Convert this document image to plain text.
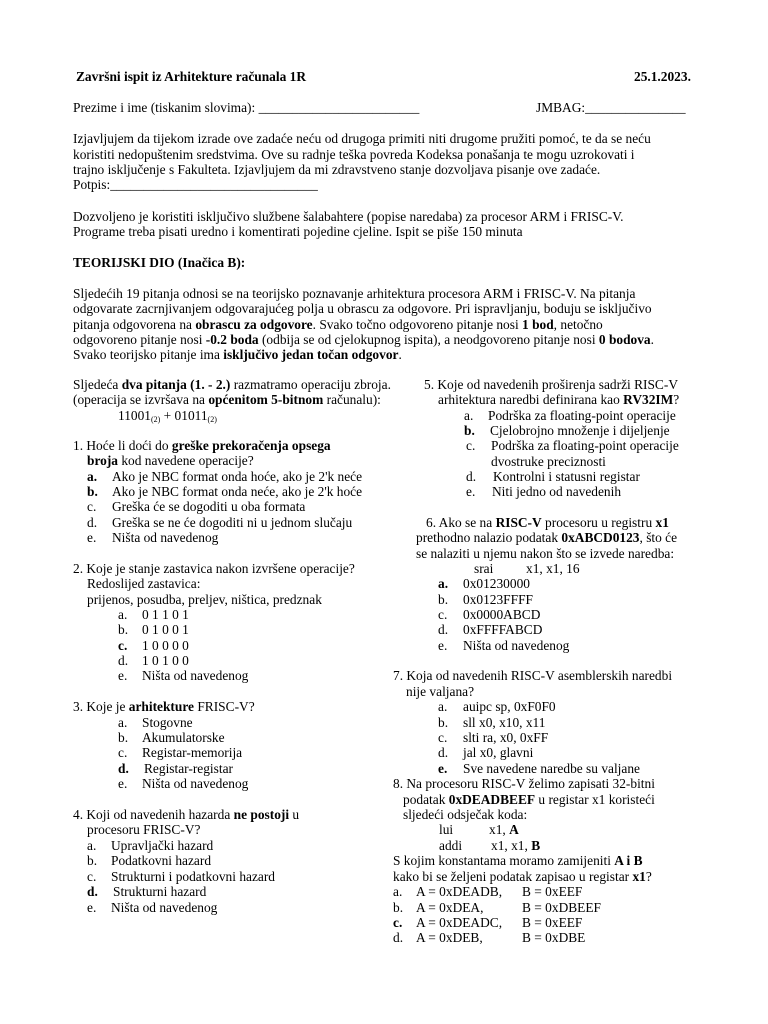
Završni ispit iz Arhitekture računala 1R	25.1.2023.
Prezime i ime (tiskanim slovima): ________________________	JMBAG:_______________
Izjavljujem da tijekom izrade ove zadaće neću od drugoga primiti niti drugome pružiti pomoć, te da se neću
koristiti nedopuštenim sredstvima. Ove su radnje teška povreda Kodeksa ponašanja te mogu uzrokovati i
trajno isključenje s Fakulteta. Izjavljujem da mi zdravstveno stanje dozvoljava pisanje ove zadaće.
Potpis:_______________________________
Dozvoljeno je koristiti isključivo službene šalabahtere (popise naredaba) za procesor ARM i FRISC-V.
Programe treba pisati uredno i komentirati pojedine cjeline. Ispit se piše 150 minuta
TEORIJSKI DIO (Inačica B):
Sljedećih 19 pitanja odnosi se na teorijsko poznavanje arhitektura procesora ARM i FRISC-V. Na pitanja
odgovarate zacrnjivanjem odgovarajućeg polja u obrascu za odgovore. Pri ispravljanju, boduju se isključivo
pitanja odgovorena na obrascu za odgovore. Svako točno odgovoreno pitanje nosi 1 bod, netočno
odgovoreno pitanje nosi -0.2 boda (odbija se od cjelokupnog ispita), a neodgovoreno pitanje nosi 0 bodova.
Svako teorijsko pitanje ima isključivo jedan točan odgovor.
Sljedeća dva pitanja (1. - 2.) razmatramo operaciju zbroja.
(operacija se izvršava na općenitom 5-bitnom računalu):
$11001_{(2)} + 01011_{(2)}$
1. Hoće li doći do greške prekoračenja opsega
broja kod navedene operacije?
a. Ako je NBC format onda hoće, ako je 2'k neće
b. Ako je NBC format onda neće, ako je 2'k hoće
c. Greška će se dogoditi u oba formata
d. Greška se ne će dogoditi ni u jednom slučaju
e. Ništa od navedenog
2. Koje je stanje zastavica nakon izvršene operacije?
Redoslijed zastavica:
prijenos, posudba, preljev, ništica, predznak
a. 0 1 1 0 1
b. 0 1 0 0 1
c. 1 0 0 0 0
d. 1 0 1 0 0
e. Ništa od navedenog
3. Koje je arhitekture FRISC-V?
a. Stogovne
b. Akumulatorske
c. Registar-memorija
d. Registar-registar
e. Ništa od navedenog
4. Koji od navedenih hazarda ne postoji u
procesoru FRISC-V?
a. Upravljački hazard
b. Podatkovni hazard
c. Strukturni i podatkovni hazard
d. Strukturni hazard
e. Ništa od navedenog
5. Koje od navedenih proširenja sadrži RISC-V
arhitektura naredbi definirana kao RV32IM?
a. Podrška za floating-point operacije
b. Cjelobrojno množenje i dijeljenje
c. Podrška za floating-point operacije
dvostruke preciznosti
d. Kontrolni i statusni registar
e. Niti jedno od navedenih
6. Ako se na RISC-V procesoru u registru x1
prethodno nalazio podatak 0xABCD0123, što će
se nalaziti u njemu nakon što se izvede naredba:
srai x1, x1, 16
a. 0x01230000
b. 0x0123FFFF
c. 0x0000ABCD
d. 0xFFFFABCD
e. Ništa od navedenog
7. Koja od navedenih RISC-V asemblerskih naredbi
nije valjana?
a. auipc sp, 0xF0F0
b. sll x0, x10, x11
c. slti ra, x0, 0xFF
d. jal x0, glavni
e. Sve navedene naredbe su valjane
8. Na procesoru RISC-V želimo zapisati 32-bitni
podatak 0xDEADBEEF u registar x1 koristeći
sljedeći odsječak koda:
lui	x1, A
addi x1, x1, B
S kojim konstantama moramo zamijeniti A i B
kako bi se željeni podatak zapisao u registar x1?
a. A = 0xDEADB, B = 0xEEF
b. A = 0xDEA,	B = 0xDBEEF
c. A = 0xDEADC, B = 0xEEF
d. A = 0xDEB,	B = 0xDBE
